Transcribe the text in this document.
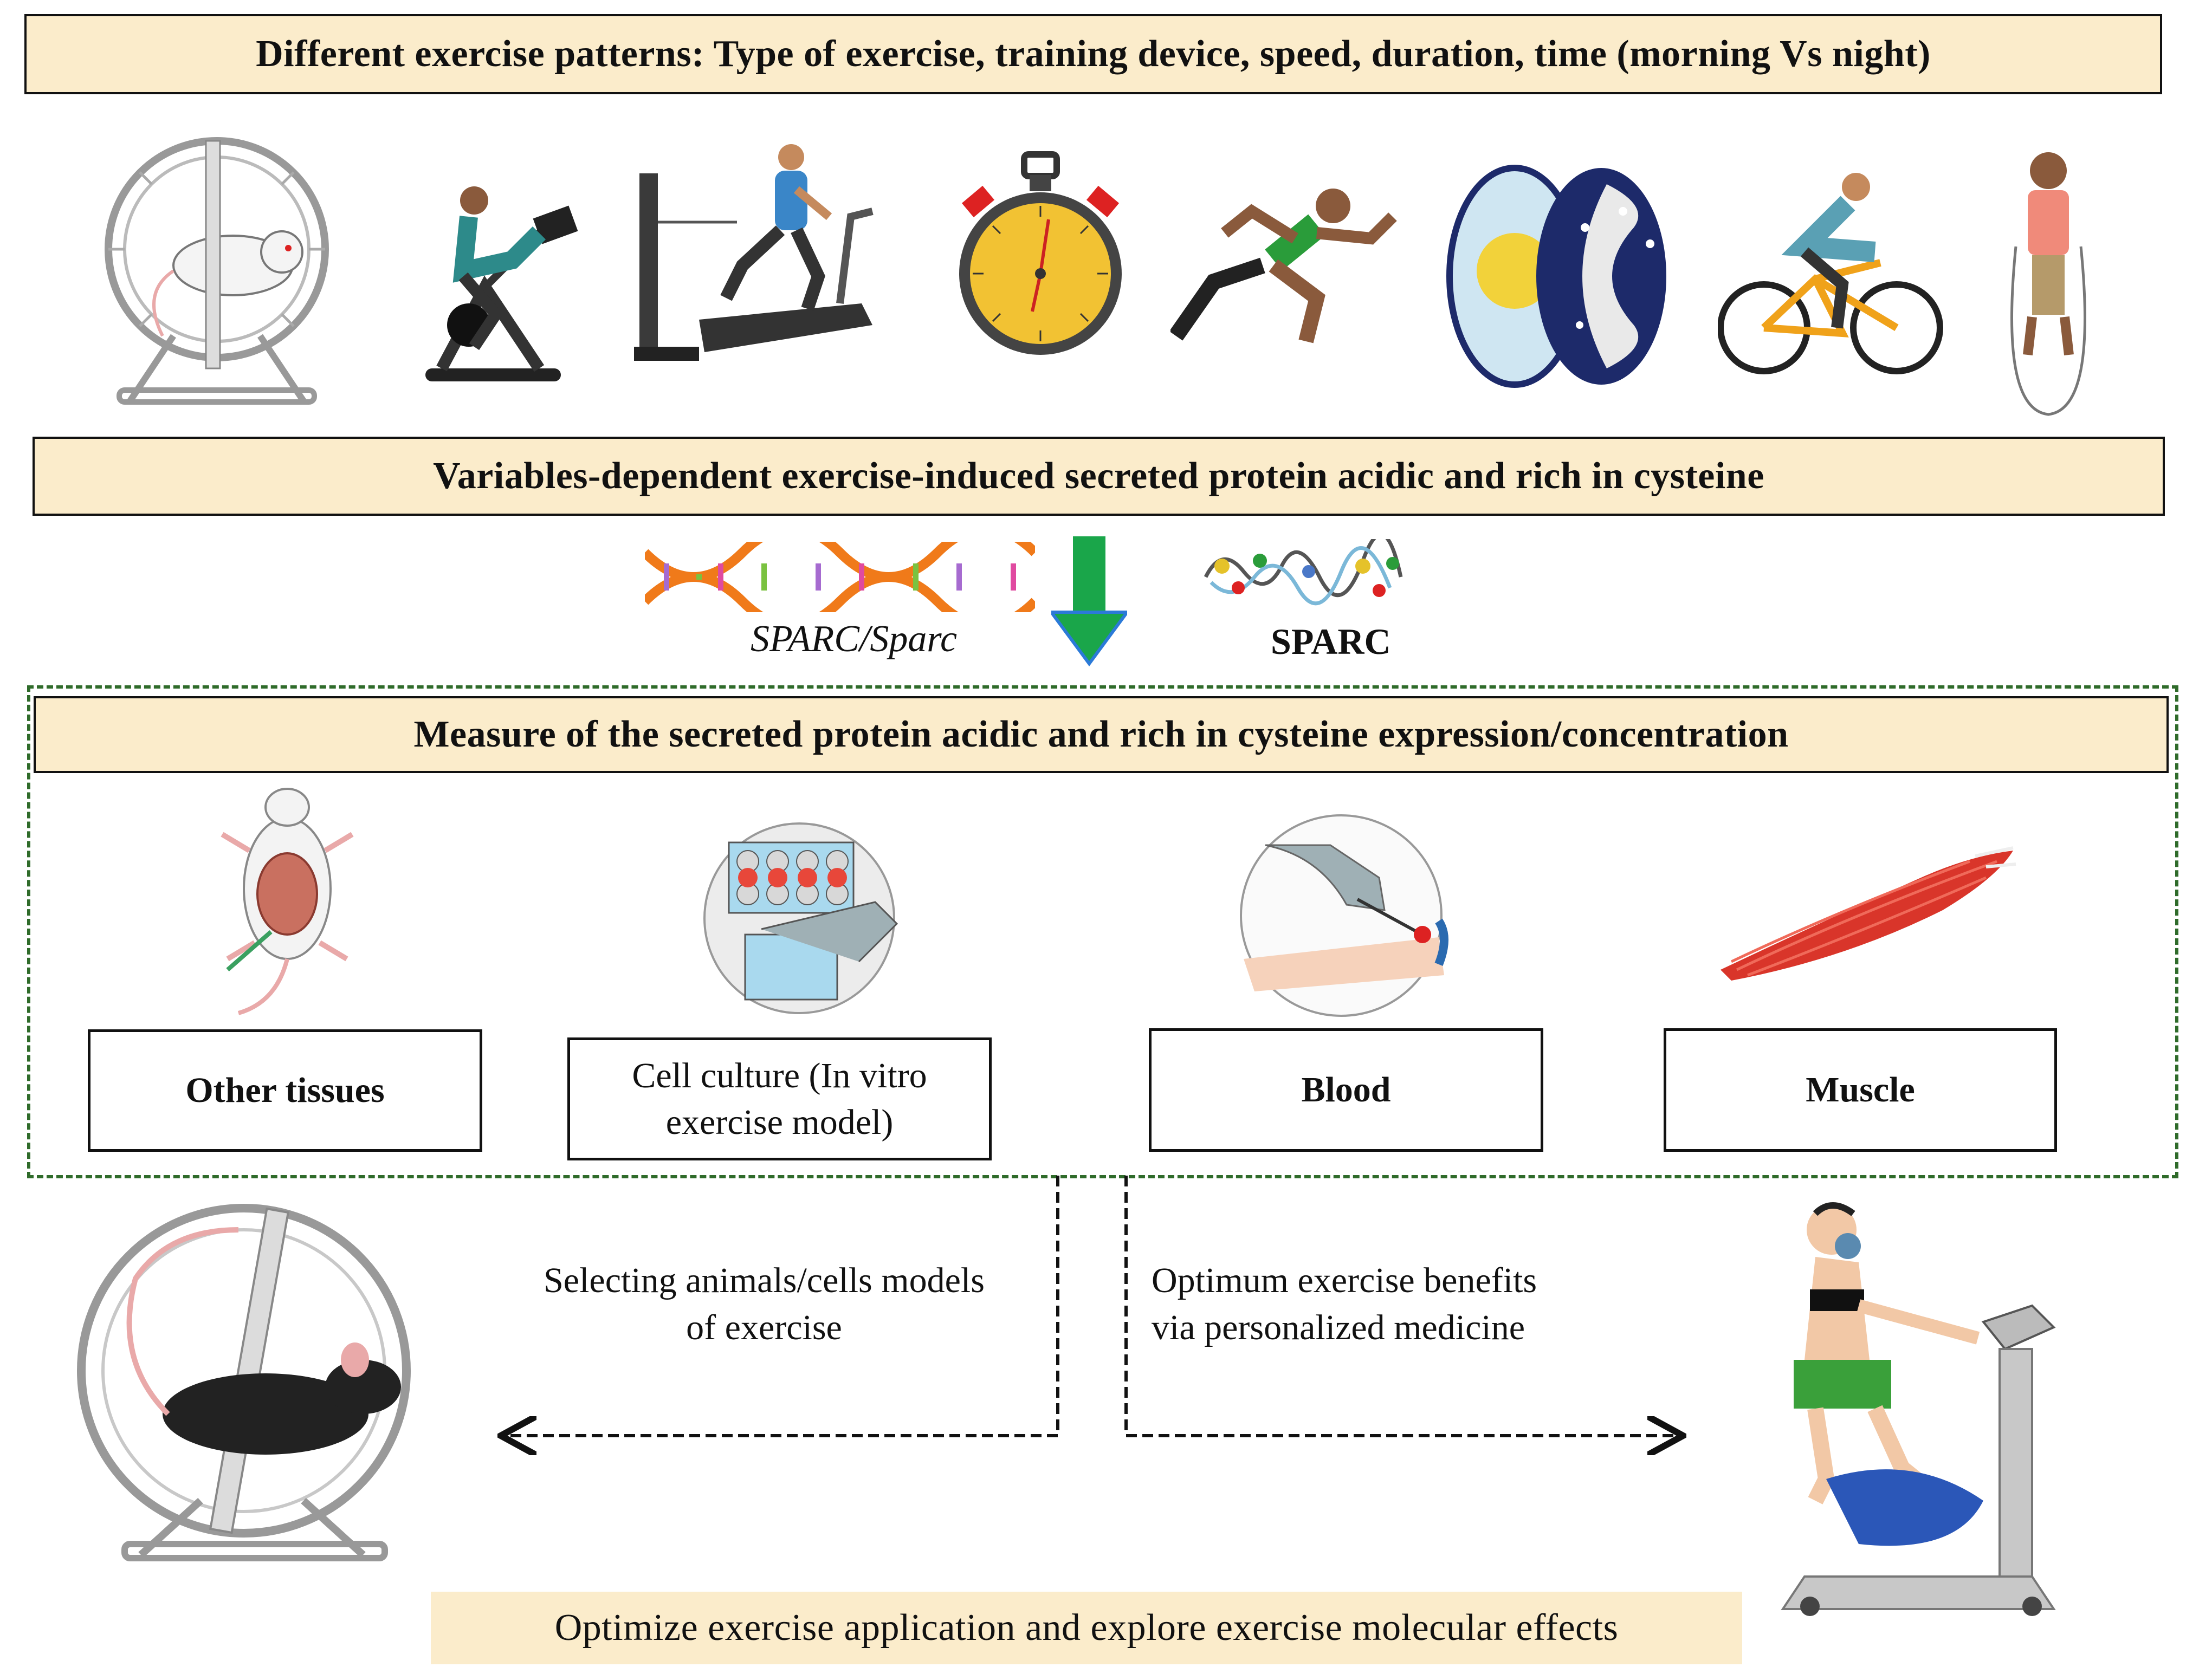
Different exercise patterns: Type of exercise, training device, speed, duration, time (morning Vs night)
Variables-dependent exercise-induced secreted protein acidic and rich in cysteine
SPARC/Sparc	SPARC
Measure of the secreted protein acidic and rich in cysteine expression/concentration
Other tissues	Cell culture (In vitro
exercise model)
Blood	Muscle
Selecting animals/cells models
of exercise
Optimum exercise benefits
via personalized medicine
Optimize exercise application and explore exercise molecular effects
